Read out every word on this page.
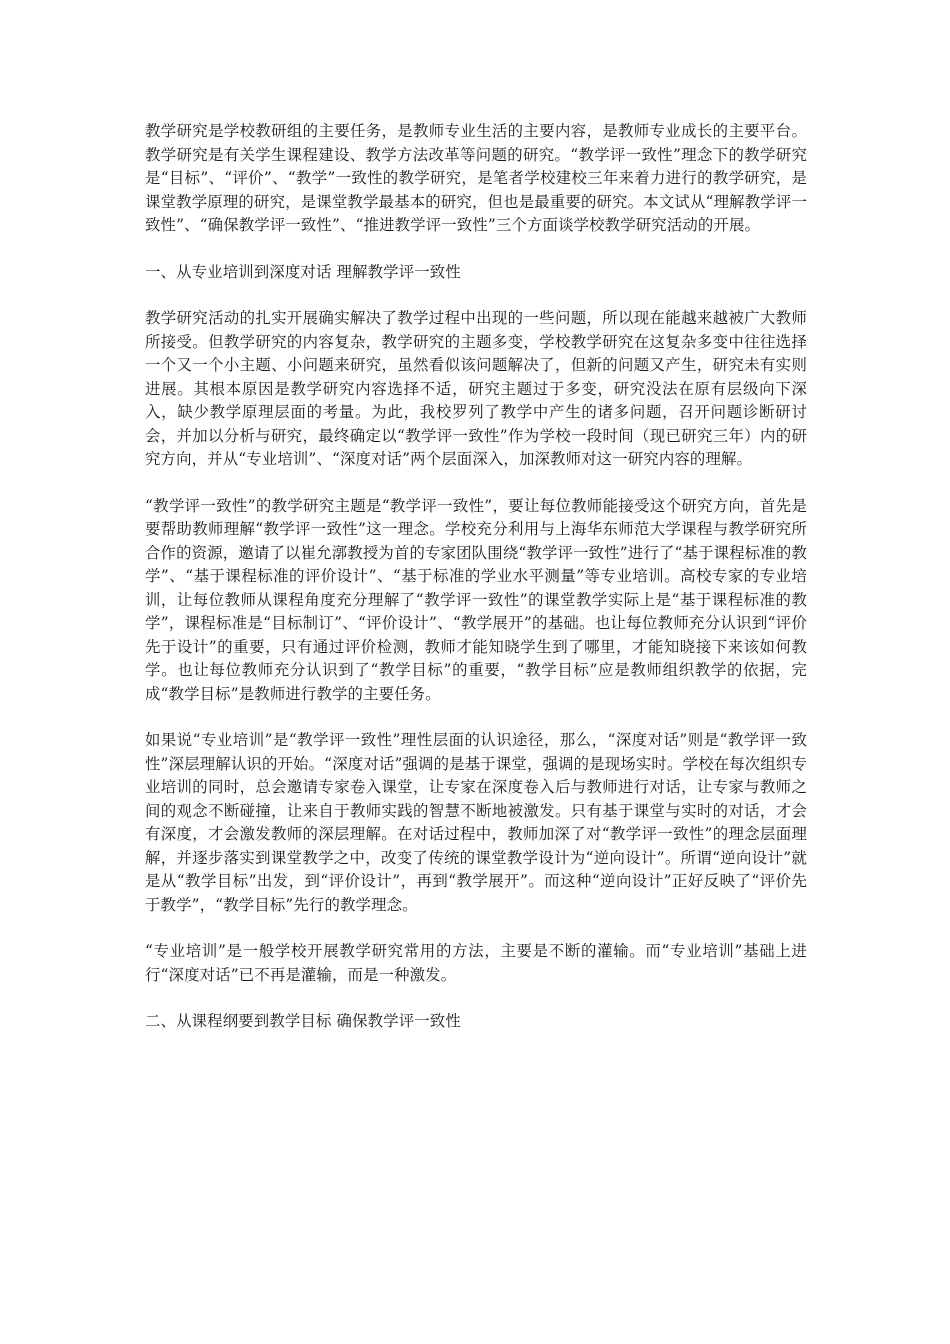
教学研究是学校教研组的主要任务，是教师专业生活的主要内容，是教师专业成长的主要平台。教学研究是有关学生课程建设、教学方法改革等问题的研究。“教学评一致性”理念下的教学研究是“目标”、“评价”、“教学”一致性的教学研究，是笔者学校建校三年来着力进行的教学研究，是课堂教学原理的研究，是课堂教学最基本的研究，但也是最重要的研究。本文试从“理解教学评一致性”、“确保教学评一致性”、“推进教学评一致性”三个方面谈学校教学研究活动的开展。

一、从专业培训到深度对话 理解教学评一致性

教学研究活动的扎实开展确实解决了教学过程中出现的一些问题，所以现在能越来越被广大教师所接受。但教学研究的内容复杂，教学研究的主题多变，学校教学研究在这复杂多变中往往选择一个又一个小主题、小问题来研究，虽然看似该问题解决了，但新的问题又产生，研究未有实则进展。其根本原因是教学研究内容选择不适，研究主题过于多变，研究没法在原有层级向下深入，缺少教学原理层面的考量。为此，我校罗列了教学中产生的诸多问题，召开问题诊断研讨会，并加以分析与研究，最终确定以“教学评一致性”作为学校一段时间（现已研究三年）内的研究方向，并从“专业培训”、“深度对话”两个层面深入，加深教师对这一研究内容的理解。

“教学评一致性”的教学研究主题是“教学评一致性”，要让每位教师能接受这个研究方向，首先是要帮助教师理解“教学评一致性”这一理念。学校充分利用与上海华东师范大学课程与教学研究所合作的资源，邀请了以崔允漷教授为首的专家团队围绕“教学评一致性”进行了“基于课程标准的教学”、“基于课程标准的评价设计”、“基于标准的学业水平测量”等专业培训。高校专家的专业培训，让每位教师从课程角度充分理解了“教学评一致性”的课堂教学实际上是“基于课程标准的教学”，课程标准是“目标制订”、“评价设计”、“教学展开”的基础。也让每位教师充分认识到“评价先于设计”的重要，只有通过评价检测，教师才能知晓学生到了哪里，才能知晓接下来该如何教学。也让每位教师充分认识到了“教学目标”的重要，“教学目标”应是教师组织教学的依据，完成“教学目标”是教师进行教学的主要任务。

如果说“专业培训”是“教学评一致性”理性层面的认识途径，那么，“深度对话”则是“教学评一致性”深层理解认识的开始。“深度对话”强调的是基于课堂，强调的是现场实时。学校在每次组织专业培训的同时，总会邀请专家卷入课堂，让专家在深度卷入后与教师进行对话，让专家与教师之间的观念不断碰撞，让来自于教师实践的智慧不断地被激发。只有基于课堂与实时的对话，才会有深度，才会激发教师的深层理解。在对话过程中，教师加深了对“教学评一致性”的理念层面理解，并逐步落实到课堂教学之中，改变了传统的课堂教学设计为“逆向设计”。所谓“逆向设计”就是从“教学目标”出发，到“评价设计”，再到“教学展开”。而这种“逆向设计”正好反映了“评价先于教学”，“教学目标”先行的教学理念。

“专业培训”是一般学校开展教学研究常用的方法，主要是不断的灌输。而“专业培训”基础上进行“深度对话”已不再是灌输，而是一种激发。

二、从课程纲要到教学目标 确保教学评一致性
